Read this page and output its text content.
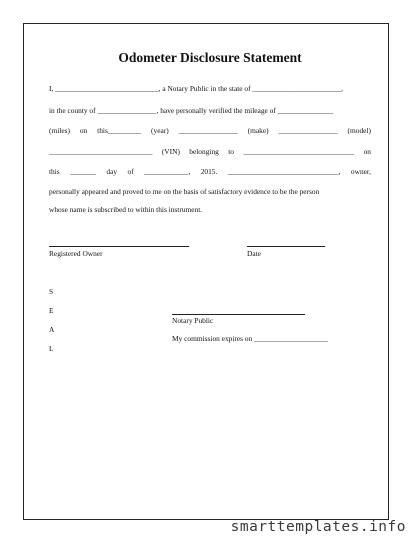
Odometer Disclosure Statement
I, ____________________________, a Notary Public in the state of ________________________,
in the county of ________________, have personally verified the mileage of _______________
(miles) on this_________ (year) ________________ (make) ________________ (model)
____________________________ (VIN) belonging to ______________________________ on
this _______ day of ____________, 2015. ______________________________, owner,
personally appeared and proved to me on the basis of satisfactory evidence to be the person
whose name is subscribed to within this instrument.
Registered Owner	Date
S
E
A
L
Notary Public
My commission expires on ____________________
smarttemplates.info
